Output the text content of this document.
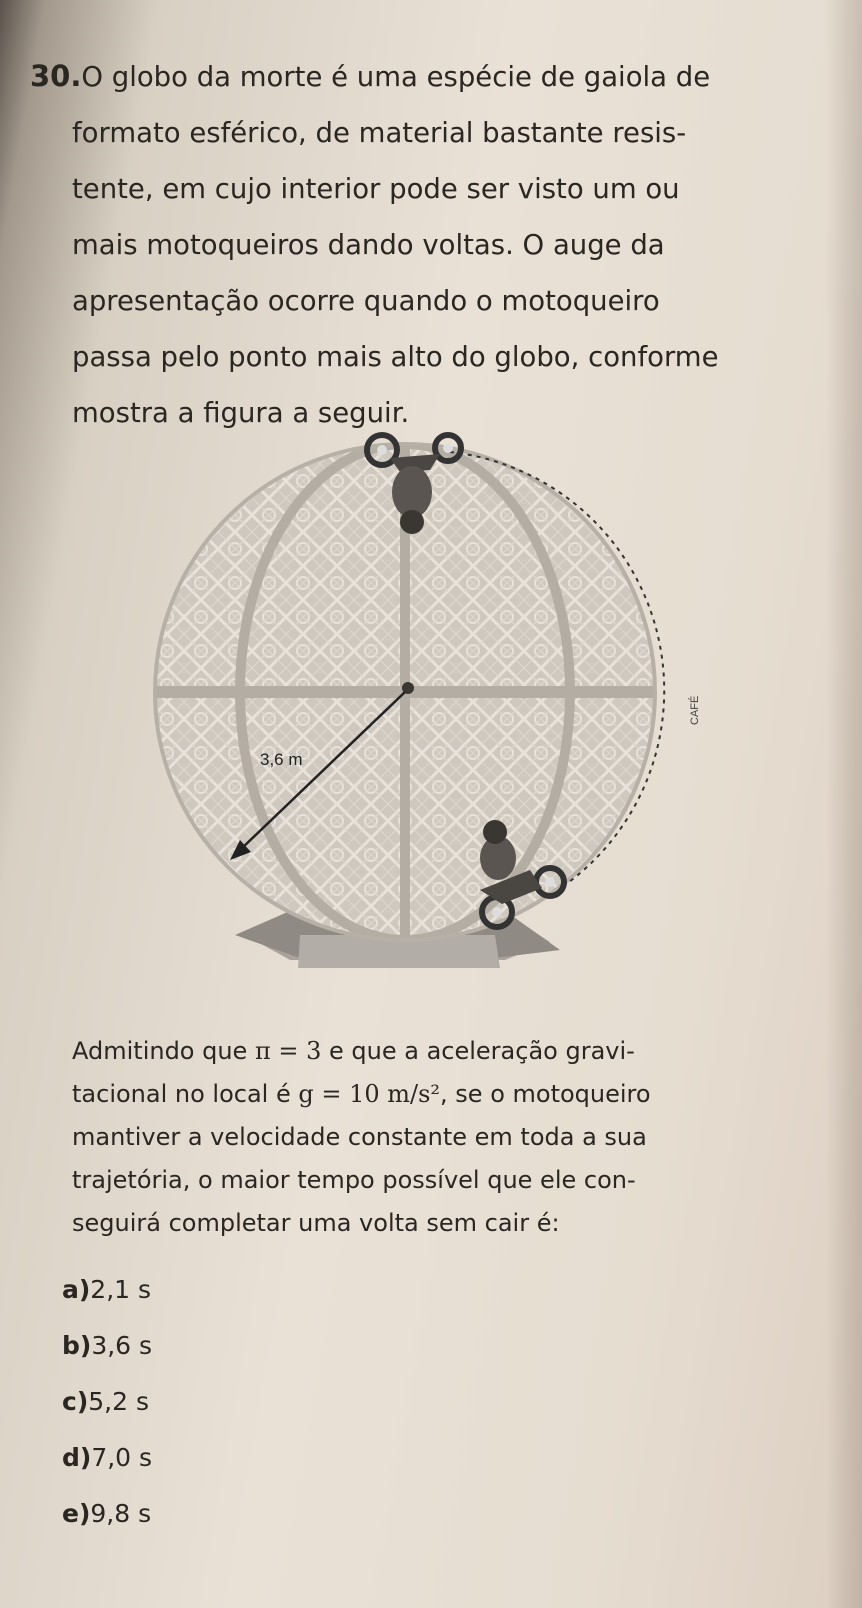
30.O globo da morte é uma espécie de gaiola de

formato esférico, de material bastante resis-

tente, em cujo interior pode ser visto um ou

mais motoqueiros dando voltas. O auge da

apresentação ocorre quando o motoqueiro

passa pelo ponto mais alto do globo, conforme

mostra a figura a seguir.

3,6 m
CAFÉ

Admitindo que π = 3 e que a aceleração gravi-

tacional no local é g = 10 m/s², se o motoqueiro

mantiver a velocidade constante em toda a sua

trajetória, o maior tempo possível que ele con-

seguirá completar uma volta sem cair é:

a)2,1 s
b)3,6 s
c)5,2 s
d)7,0 s
e)9,8 s
